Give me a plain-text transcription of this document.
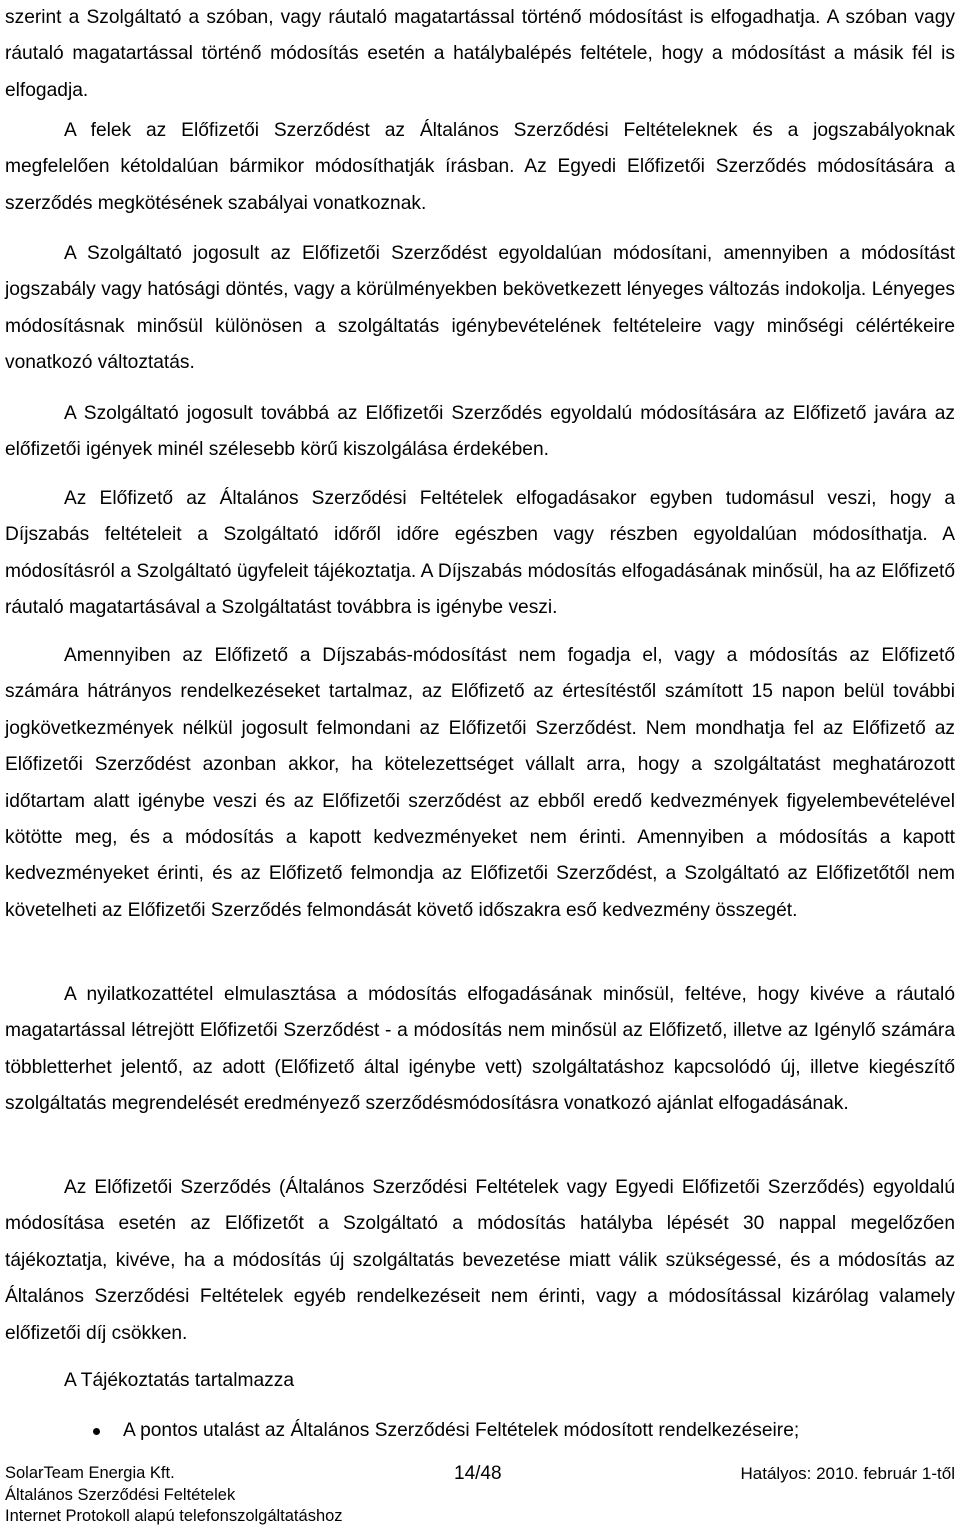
szerint a Szolgáltató a szóban, vagy ráutaló magatartással történő módosítást is elfogadhatja. A szóban vagy ráutaló magatartással történő módosítás esetén a hatálybalépés feltétele, hogy a módosítást a másik fél is elfogadja.

A felek az Előfizetői Szerződést az Általános Szerződési Feltételeknek és a jogszabályoknak megfelelően kétoldalúan bármikor módosíthatják írásban. Az Egyedi Előfizetői Szerződés módosítására a szerződés megkötésének szabályai vonatkoznak.

A Szolgáltató jogosult az Előfizetői Szerződést egyoldalúan módosítani, amennyiben a módosítást jogszabály vagy hatósági döntés, vagy a körülményekben bekövetkezett lényeges változás indokolja. Lényeges módosításnak minősül különösen a szolgáltatás igénybevételének feltételeire vagy minőségi célértékeire vonatkozó változtatás.

A Szolgáltató jogosult továbbá az Előfizetői Szerződés egyoldalú módosítására az Előfizető javára az előfizetői igények minél szélesebb körű kiszolgálása érdekében.

Az Előfizető az Általános Szerződési Feltételek elfogadásakor egyben tudomásul veszi, hogy a Díjszabás feltételeit a Szolgáltató időről időre egészben vagy részben egyoldalúan módosíthatja. A módosításról a Szolgáltató ügyfeleit tájékoztatja. A Díjszabás módosítás elfogadásának minősül, ha az Előfizető ráutaló magatartásával a Szolgáltatást továbbra is igénybe veszi.

Amennyiben az Előfizető a Díjszabás-módosítást nem fogadja el, vagy a módosítás az Előfizető számára hátrányos rendelkezéseket tartalmaz, az Előfizető az értesítéstől számított 15 napon belül további jogkövetkezmények nélkül jogosult felmondani az Előfizetői Szerződést. Nem mondhatja fel az Előfizető az Előfizetői Szerződést azonban akkor, ha kötelezettséget vállalt arra, hogy a szolgáltatást meghatározott időtartam alatt igénybe veszi és az Előfizetői szerződést az ebből eredő kedvezmények figyelembevételével kötötte meg, és a módosítás a kapott kedvezményeket nem érinti. Amennyiben a módosítás a kapott kedvezményeket érinti, és az Előfizető felmondja az Előfizetői Szerződést, a Szolgáltató az Előfizetőtől nem követelheti az Előfizetői Szerződés felmondását követő időszakra eső kedvezmény összegét.

A nyilatkozattétel elmulasztása a módosítás elfogadásának minősül, feltéve, hogy kivéve a ráutaló magatartással létrejött Előfizetői Szerződést - a módosítás nem minősül az Előfizető, illetve az Igénylő számára többletterhet jelentő, az adott (Előfizető által igénybe vett) szolgáltatáshoz kapcsolódó új, illetve kiegészítő szolgáltatás megrendelését eredményező szerződésmódosításra vonatkozó ajánlat elfogadásának.

Az Előfizetői Szerződés (Általános Szerződési Feltételek vagy Egyedi Előfizetői Szerződés) egyoldalú módosítása esetén az Előfizetőt a Szolgáltató a módosítás hatályba lépését 30 nappal megelőzően tájékoztatja, kivéve, ha a módosítás új szolgáltatás bevezetése miatt válik szükségessé, és a módosítás az Általános Szerződési Feltételek egyéb rendelkezéseit nem érinti, vagy a módosítással kizárólag valamely előfizetői díj csökken.

A Tájékoztatás tartalmazza

A pontos utalást az Általános Szerződési Feltételek módosított rendelkezéseire;
SolarTeam Energia Kft.
Általános Szerződési Feltételek
Internet Protokoll alapú telefonszolgáltatáshoz
14/48	Hatályos: 2010. február 1-től
